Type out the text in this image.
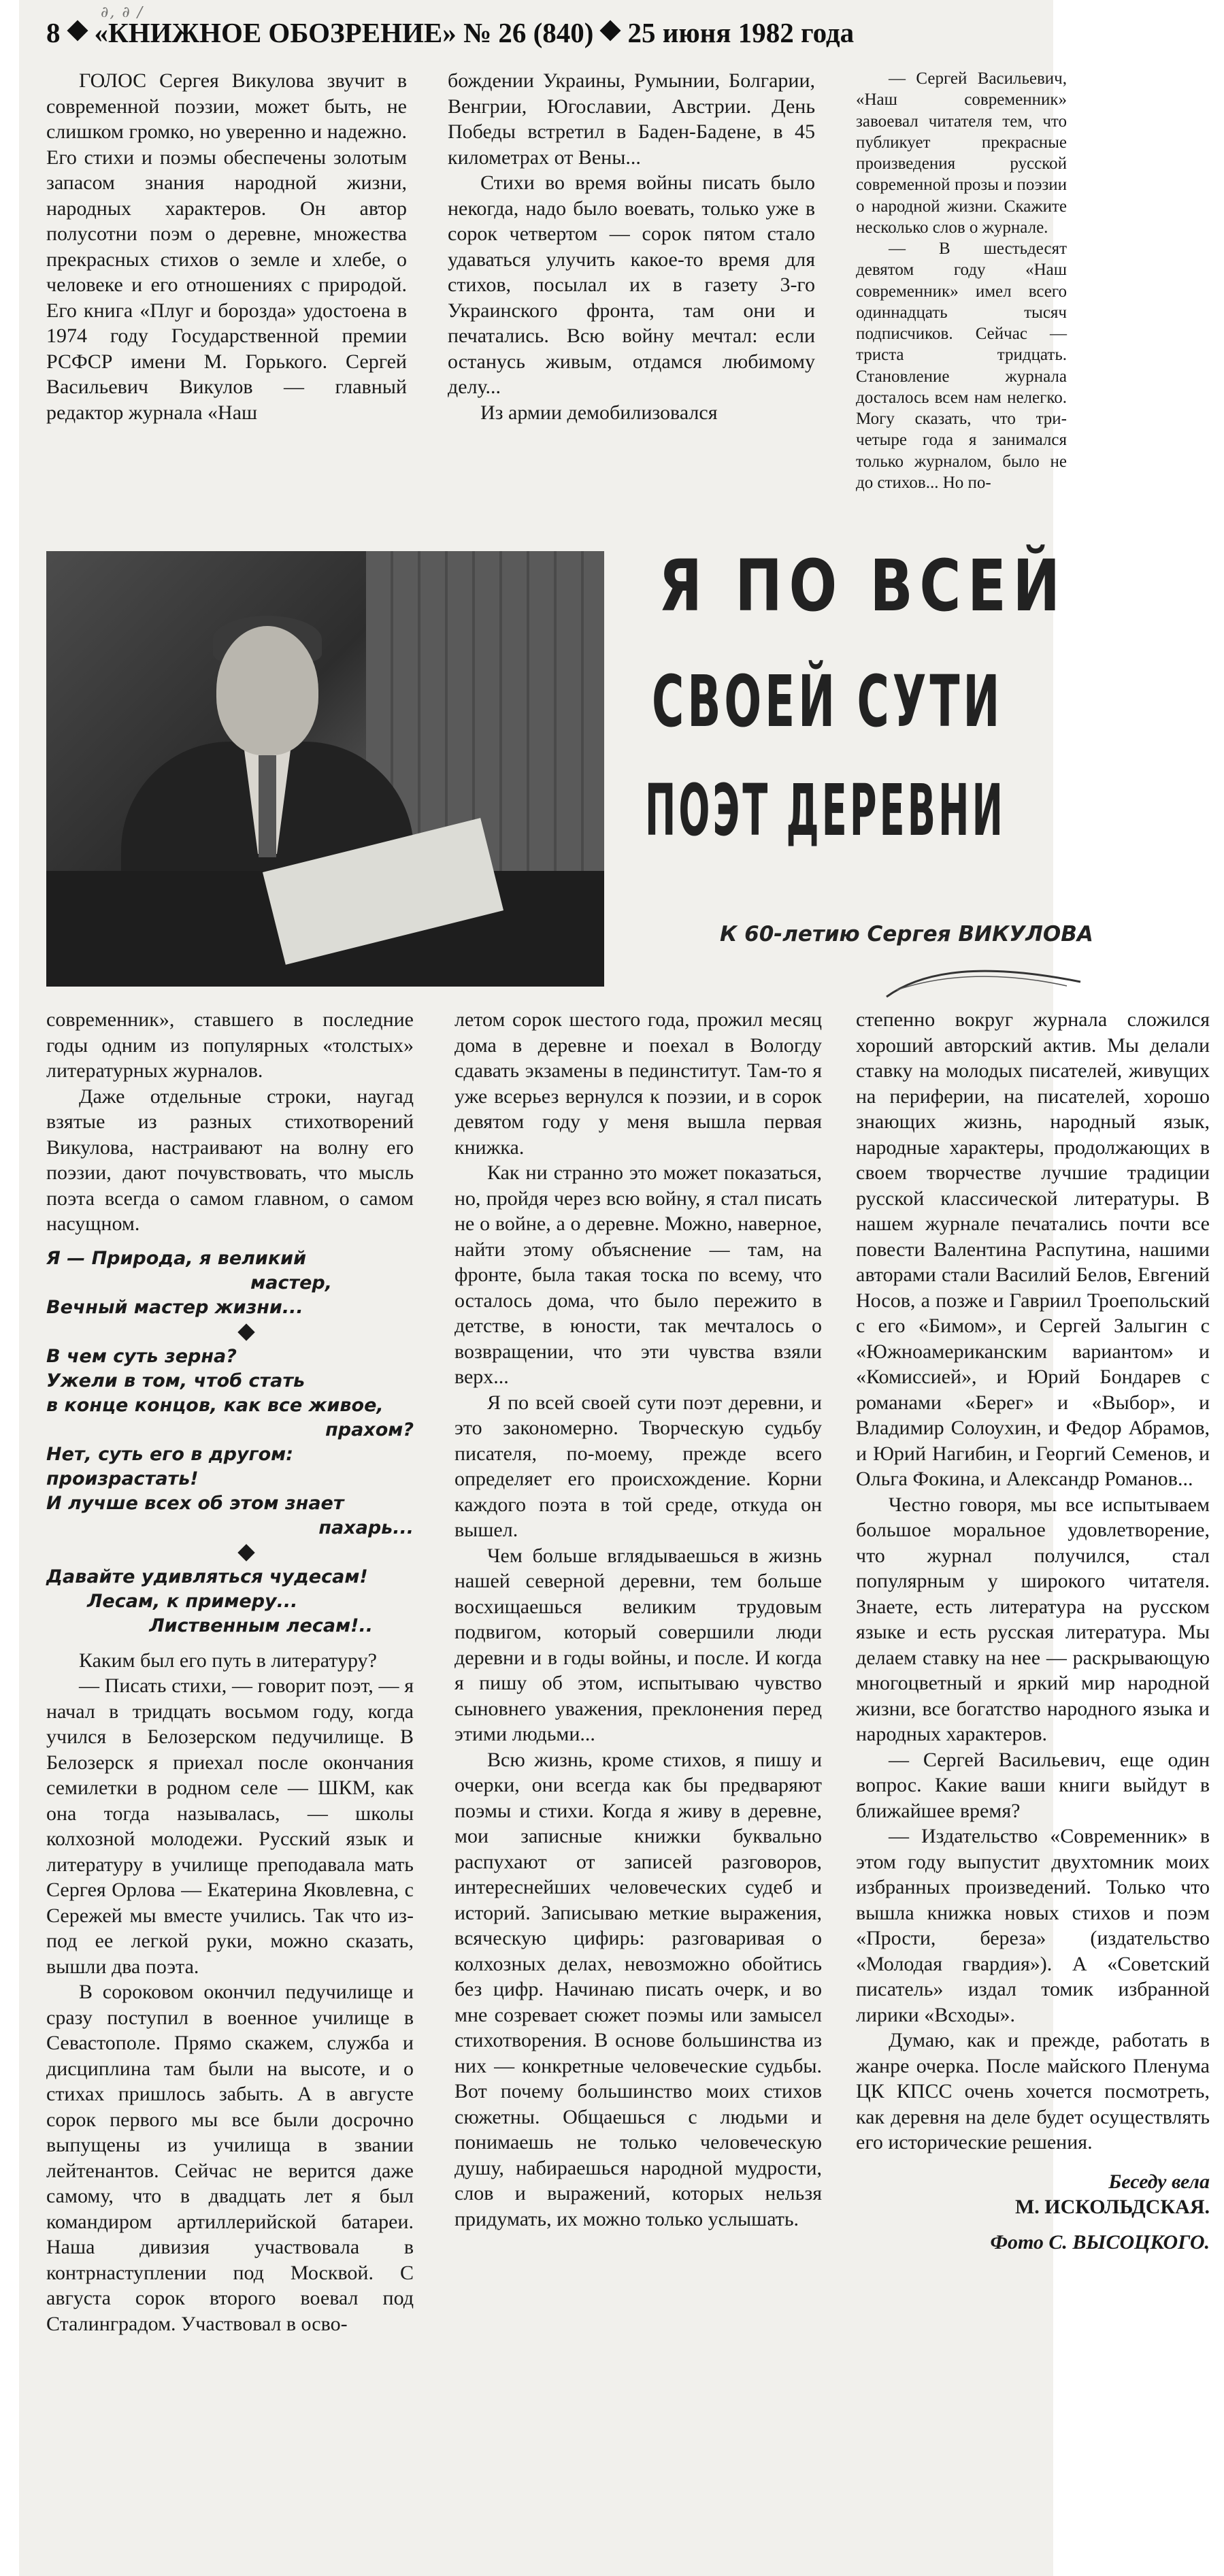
∂, ∂ ∕
8 «КНИЖНОЕ ОБОЗРЕНИЕ» № 26 (840) 25 июня 1982 года

ГОЛОС Сергея Викулова звучит в современной поэзии, может быть, не слишком громко, но уверенно и надежно. Его стихи и поэмы обеспечены золотым запасом знания народной жизни, народных характеров. Он автор полусотни поэм о деревне, множества прекрасных стихов о земле и хлебе, о человеке и его отношениях с природой. Его книга «Плуг и борозда» удостоена в 1974 году Государственной премии РСФСР имени М. Горького. Сергей Васильевич Викулов — главный редактор журнала «Наш

бождении Украины, Румынии, Болгарии, Венгрии, Югославии, Австрии. День Победы встретил в Баден-Бадене, в 45 километрах от Вены...

Стихи во время войны писать было некогда, надо было воевать, только уже в сорок четвертом — сорок пятом стало удаваться улучить какое-то время для стихов, посылал их в газету 3-го Украинского фронта, там они и печатались. Всю войну мечтал: если останусь живым, отдамся любимому делу...

Из армии демобилизовался

— Сергей Васильевич, «Наш современник» завоевал читателя тем, что публикует прекрасные произведения русской современной прозы и поэзии о народной жизни. Скажите несколько слов о журнале.

— В шестьдесят девятом году «Наш современник» имел всего одиннадцать тысяч подписчиков. Сейчас — триста тридцать. Становление журнала досталось всем нам нелегко. Могу сказать, что три-четыре года я занимался только журналом, было не до стихов... Но по-

Я ПО ВСЕЙ
СВОЕЙ СУТИ
ПОЭТ ДЕРЕВНИ
К 60-летию Сергея ВИКУЛОВА

современник», ставшего в последние годы одним из популярных «толстых» литературных журналов.

Даже отдельные строки, наугад взятые из разных стихотворений Викулова, настраивают на волну его поэзии, дают почувствовать, что мысль поэта всегда о самом главном, о самом насущном.

Я — Природа, я великий
мастер,
Вечный мастер жизни...

В чем суть зерна?
Ужели в том, чтоб стать
в конце концов, как все живое,
прахом?
Нет, суть его в другом:
произрастать!
И лучше всех об этом знает
пахарь...

Давайте удивляться чудесам!
Лесам, к примеру...
Лиственным лесам!..

Каким был его путь в литературу?

— Писать стихи, — говорит поэт, — я начал в тридцать восьмом году, когда учился в Белозерском педучилище. В Белозерск я приехал после окончания семилетки в родном селе — ШКМ, как она тогда называлась, — школы колхозной молодежи. Русский язык и литературу в училище преподавала мать Сергея Орлова — Екатерина Яковлевна, с Сережей мы вместе учились. Так что из-под ее легкой руки, можно сказать, вышли два поэта.

В сороковом окончил педучилище и сразу поступил в военное училище в Севастополе. Прямо скажем, служба и дисциплина там были на высоте, и о стихах пришлось забыть. А в августе сорок первого мы все были досрочно выпущены из училища в звании лейтенантов. Сейчас не верится даже самому, что в двадцать лет я был командиром артиллерийской батареи. Наша дивизия участвовала в контрнаступлении под Москвой. С августа сорок второго воевал под Сталинградом. Участвовал в осво-

летом сорок шестого года, прожил месяц дома в деревне и поехал в Вологду сдавать экзамены в пединститут. Там-то я уже всерьез вернулся к поэзии, и в сорок девятом году у меня вышла первая книжка.

Как ни странно это может показаться, но, пройдя через всю войну, я стал писать не о войне, а о деревне. Можно, наверное, найти этому объяснение — там, на фронте, была такая тоска по всему, что осталось дома, что было пережито в детстве, в юности, так мечталось о возвращении, что эти чувства взяли верх...

Я по всей своей сути поэт деревни, и это закономерно. Творческую судьбу писателя, по-моему, прежде всего определяет его происхождение. Корни каждого поэта в той среде, откуда он вышел.

Чем больше вглядываешься в жизнь нашей северной деревни, тем больше восхищаешься великим трудовым подвигом, который совершили люди деревни и в годы войны, и после. И когда я пишу об этом, испытываю чувство сыновнего уважения, преклонения перед этими людьми...

Всю жизнь, кроме стихов, я пишу и очерки, они всегда как бы предваряют поэмы и стихи. Когда я живу в деревне, мои записные книжки буквально распухают от записей разговоров, интереснейших человеческих судеб и историй. Записываю меткие выражения, всяческую цифирь: разговаривая о колхозных делах, невозможно обойтись без цифр. Начинаю писать очерк, и во мне созревает сюжет поэмы или замысел стихотворения. В основе большинства из них — конкретные человеческие судьбы. Вот почему большинство моих стихов сюжетны. Общаешься с людьми и понимаешь не только человеческую душу, набираешься народной мудрости, слов и выражений, которых нельзя придумать, их можно только услышать.

степенно вокруг журнала сложился хороший авторский актив. Мы делали ставку на молодых писателей, живущих на периферии, на писателей, хорошо знающих жизнь, народный язык, народные характеры, продолжающих в своем творчестве лучшие традиции русской классической литературы. В нашем журнале печатались почти все повести Валентина Распутина, нашими авторами стали Василий Белов, Евгений Носов, а позже и Гавриил Троепольский с его «Бимом», и Сергей Залыгин с «Южноамериканским вариантом» и «Комиссией», и Юрий Бондарев с романами «Берег» и «Выбор», и Владимир Солоухин, и Федор Абрамов, и Юрий Нагибин, и Георгий Семенов, и Ольга Фокина, и Александр Романов...

Честно говоря, мы все испытываем большое моральное удовлетворение, что журнал получился, стал популярным у широкого читателя. Знаете, есть литература на русском языке и есть русская литература. Мы делаем ставку на нее — раскрывающую многоцветный и яркий мир народной жизни, все богатство народного языка и народных характеров.

— Сергей Васильевич, еще один вопрос. Какие ваши книги выйдут в ближайшее время?

— Издательство «Современник» в этом году выпустит двухтомник моих избранных произведений. Только что вышла книжка новых стихов и поэм «Прости, береза» (издательство «Молодая гвардия»). А «Советский писатель» издал томик избранной лирики «Всходы».

Думаю, как и прежде, работать в жанре очерка. После майского Пленума ЦК КПСС очень хочется посмотреть, как деревня на деле будет осуществлять его исторические решения.

Беседу вела

М. ИСКОЛЬДСКАЯ.

Фото С. ВЫСОЦКОГО.
